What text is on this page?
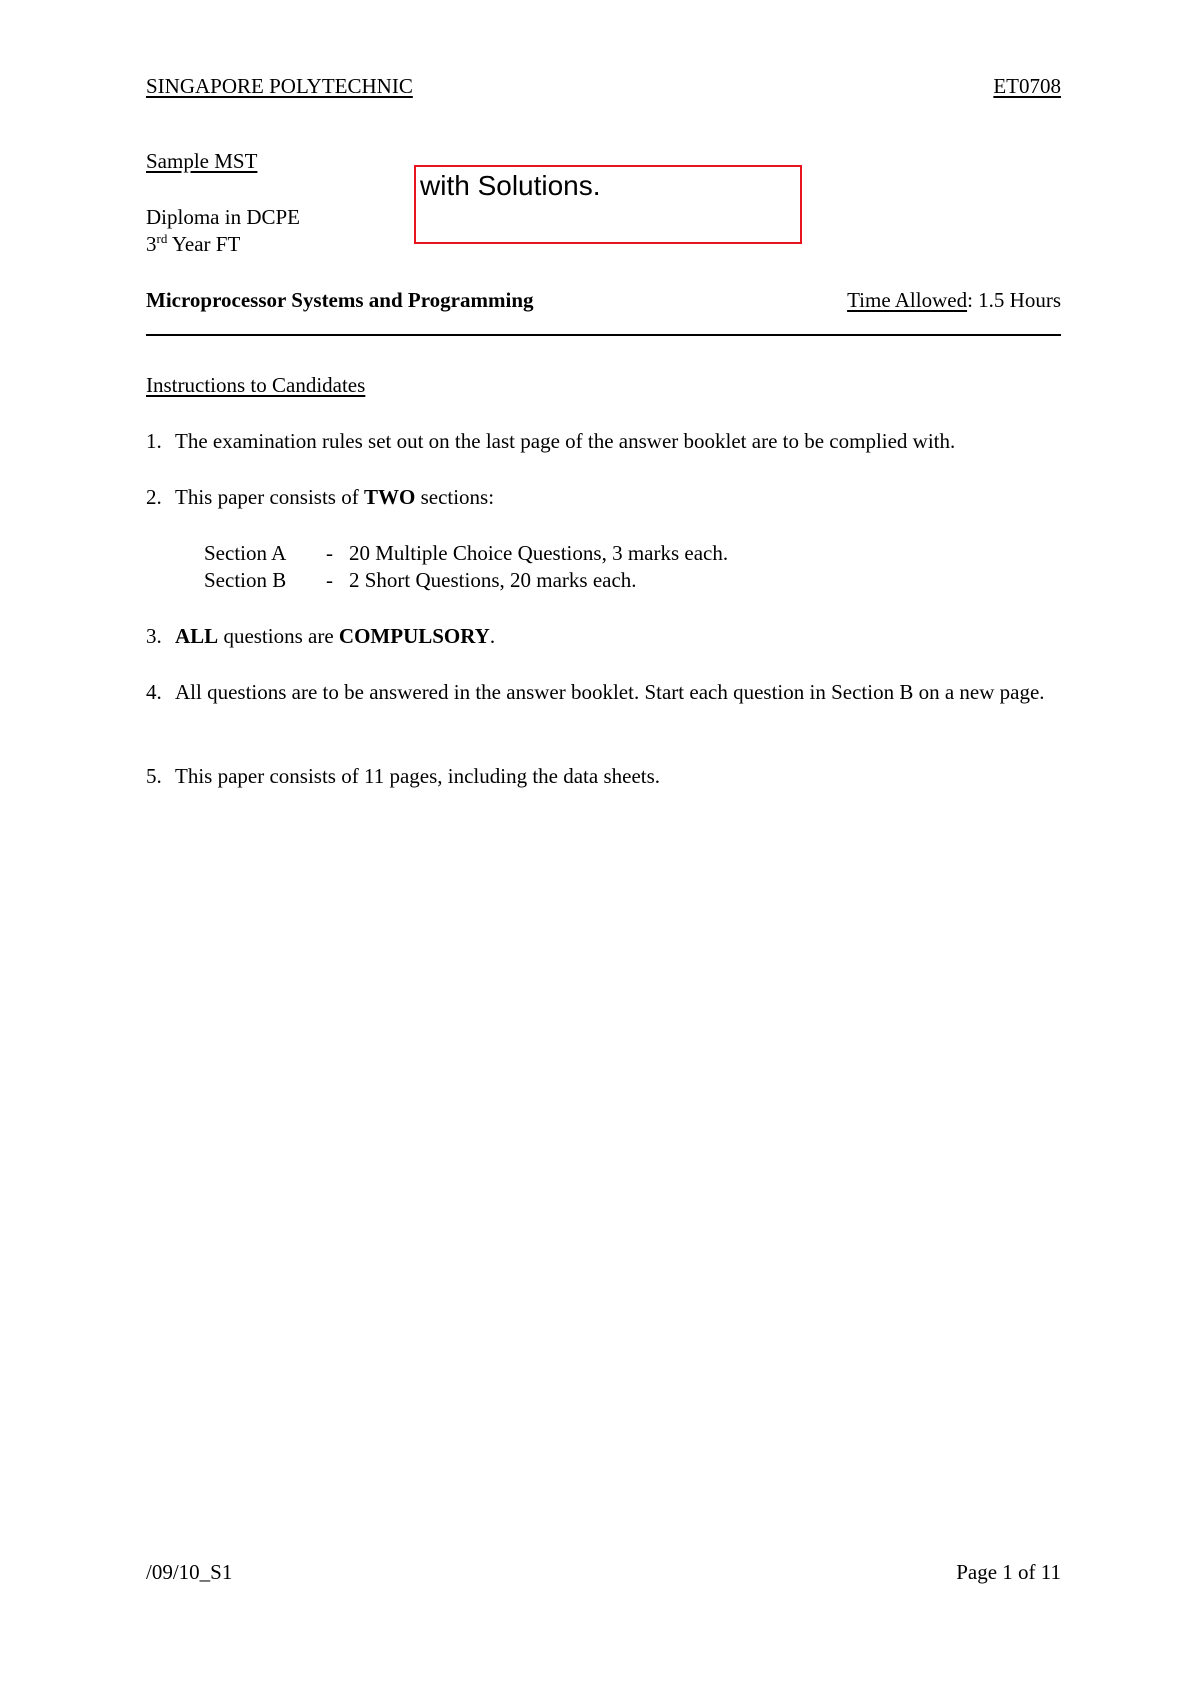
SINGAPORE POLYTECHNIC	ET0708
Sample MST
Diploma in DCPE
3rd Year FT
with Solutions.
Microprocessor Systems and Programming	Time Allowed: 1.5 Hours
Instructions to Candidates
1. The examination rules set out on the last page of the answer booklet are to be complied with.
2. This paper consists of TWO sections:
Section A - 20 Multiple Choice Questions, 3 marks each.
Section B - 2 Short Questions, 20 marks each.
3. ALL questions are COMPULSORY.
4. All questions are to be answered in the answer booklet. Start each question in Section B on a new page.
5. This paper consists of 11 pages, including the data sheets.
/09/10_S1	Page 1 of 11
